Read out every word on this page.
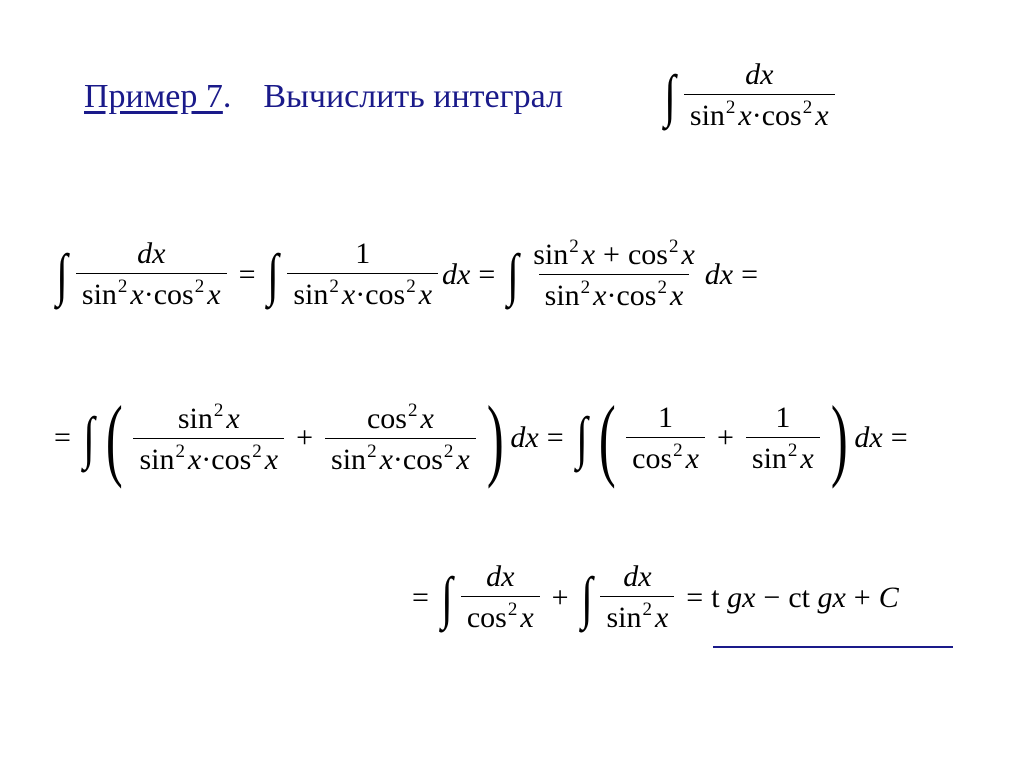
Пример 7 . Вычислить интеграл ∫ $\frac{dx}{\sin^2 x\cdot\cos^2 x}$
∫ $\frac{dx}{\sin^2 x\cdot\cos^2 x}$ = ∫ $\frac{1}{\sin^2 x\cdot\cos^2 x}$ dx = ∫ $\frac{\sin^2 x + \cos^2 x}{\sin^2 x\cdot\cos^2 x}$ dx =
= ∫ ( $\frac{\sin^2 x}{\sin^2 x\cdot\cos^2 x} + \frac{\cos^2 x}{\sin^2 x\cdot\cos^2 x}$ ) dx = ∫ ( $\frac{1}{\cos^2 x} + \frac{1}{\sin^2 x}$ ) dx =
= ∫ $\frac{dx}{\cos^2 x}$ + ∫ $\frac{dx}{\sin^2 x} = t$ gx − ct gx + C
